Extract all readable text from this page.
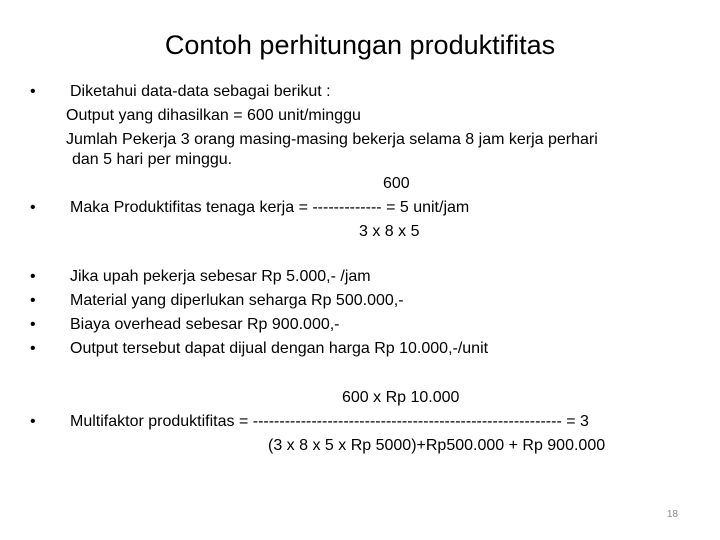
Contoh perhitungan produktifitas
• Diketahui data-data sebagai berikut :
Output yang dihasilkan = 600 unit/minggu
Jumlah Pekerja 3 orang masing-masing bekerja selama 8 jam kerja perhari
dan 5 hari per minggu.
600
• Maka Produktifitas tenaga kerja = ------------- = 5 unit/jam
3 x 8 x 5
• Jika upah pekerja sebesar Rp 5.000,- /jam
• Material yang diperlukan seharga Rp 500.000,-
• Biaya overhead sebesar Rp 900.000,-
• Output tersebut dapat dijual dengan harga Rp 10.000,-/unit
600 x Rp 10.000
• Multifaktor produktifitas = ---------------------------------------------------------- = 3
(3 x 8 x 5 x Rp 5000)+Rp500.000 + Rp 900.000
18
